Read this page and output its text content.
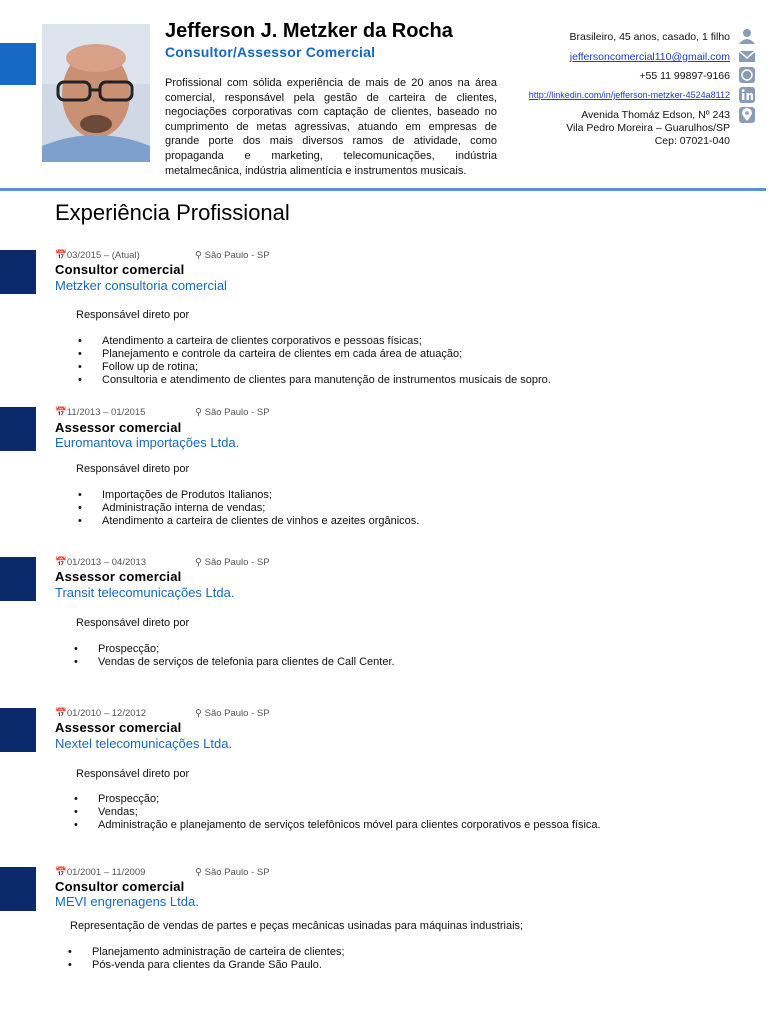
Jefferson J. Metzker da Rocha
Consultor/Assessor Comercial
Profissional com sólida experiência de mais de 20 anos na área comercial, responsável pela gestão de carteira de clientes, negociações corporativas com captação de clientes, baseado no cumprimento de metas agressivas, atuando em empresas de grande porte dos mais diversos ramos de atividade, como propaganda e marketing, telecomunicações, indústria metalmecânica, indústria alimentícia e instrumentos musicais.
Brasileiro, 45 anos, casado, 1 filho
jeffersoncomercial110@gmail.com
+55 11 99897-9166
http://linkedin.com/in/jefferson-metzker-4524a8112
Avenida Thomáz Edson, Nº 243
Vila Pedro Moreira – Guarulhos/SP
Cep: 07021-040
Experiência Profissional
📅03/2015 – (Atual)	⚲ São Paulo - SP
Consultor comercial
Metzker consultoria comercial
Responsável direto por
• Atendimento a carteira de clientes corporativos e pessoas físicas;
• Planejamento e controle da carteira de clientes em cada área de atuação;
• Follow up de rotina;
• Consultoria e atendimento de clientes para manutenção de instrumentos musicais de sopro.
📅11/2013 – 01/2015	⚲ São Paulo - SP
Assessor comercial
Euromantova importações Ltda.
Responsável direto por
• Importações de Produtos Italianos;
• Administração interna de vendas;
• Atendimento a carteira de clientes de vinhos e azeites orgânicos.
📅01/2013 – 04/2013	⚲ São Paulo - SP
Assessor comercial
Transit telecomunicações Ltda.
Responsável direto por
• Prospecção;
• Vendas de serviços de telefonia para clientes de Call Center.
📅01/2010 – 12/2012	⚲ São Paulo - SP
Assessor comercial
Nextel telecomunicações Ltda.
Responsável direto por
• Prospecção;
• Vendas;
• Administração e planejamento de serviços telefônicos móvel para clientes corporativos e pessoa física.
📅01/2001 – 11/2009	⚲ São Paulo - SP
Consultor comercial
MEVI engrenagens Ltda.
Representação de vendas de partes e peças mecânicas usinadas para máquinas industriais;
• Planejamento administração de carteira de clientes;
• Pós-venda para clientes da Grande São Paulo.
